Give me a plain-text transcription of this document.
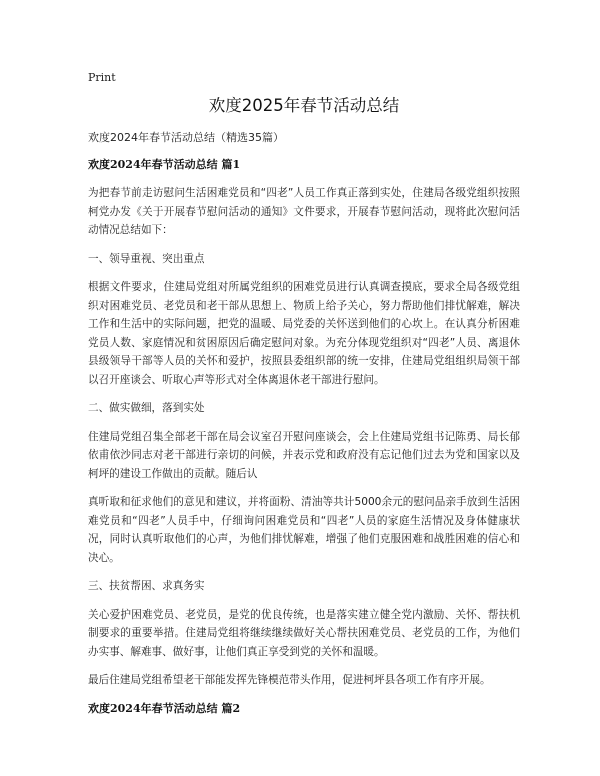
Print
欢度2025年春节活动总结

欢度2024年春节活动总结（精选35篇）

欢度2024年春节活动总结 篇1

为把春节前走访慰问生活困难党员和“四老”人员工作真正落到实处，住建局各级党组织按照柯党办发《关于开展春节慰问活动的通知》文件要求，开展春节慰问活动，现将此次慰问活动情况总结如下：

一、领导重视、突出重点

根据文件要求，住建局党组对所属党组织的困难党员进行认真调查摸底，要求全局各级党组织对困难党员、老党员和老干部从思想上、物质上给予关心，努力帮助他们排忧解难，解决工作和生活中的实际问题，把党的温暖、局党委的关怀送到他们的心坎上。在认真分析困难党员人数、家庭情况和贫困原因后确定慰问对象。为充分体现党组织对“四老”人员、离退休县级领导干部等人员的关怀和爱护，按照县委组织部的统一安排，住建局党组组织局领干部以召开座谈会、听取心声等形式对全体离退休老干部进行慰问。

二、做实做细，落到实处

住建局党组召集全部老干部在局会议室召开慰问座谈会，会上住建局党组书记陈勇、局长郁依甫依沙同志对老干部进行亲切的问候，并表示党和政府没有忘记他们过去为党和国家以及柯坪的建设工作做出的贡献。随后认

真听取和征求他们的意见和建议，并将面粉、清油等共计5000余元的慰问品亲手放到生活困难党员和“四老”人员手中，仔细询问困难党员和“四老”人员的家庭生活情况及身体健康状况，同时认真听取他们的心声，为他们排忧解难，增强了他们克服困难和战胜困难的信心和决心。

三、扶贫帮困、求真务实

关心爱护困难党员、老党员，是党的优良传统，也是落实建立健全党内激励、关怀、帮扶机制要求的重要举措。住建局党组将继续继续做好关心帮扶困难党员、老党员的工作，为他们办实事、解难事、做好事，让他们真正享受到党的关怀和温暖。

最后住建局党组希望老干部能发挥先锋模范带头作用，促进柯坪县各项工作有序开展。

欢度2024年春节活动总结 篇2
